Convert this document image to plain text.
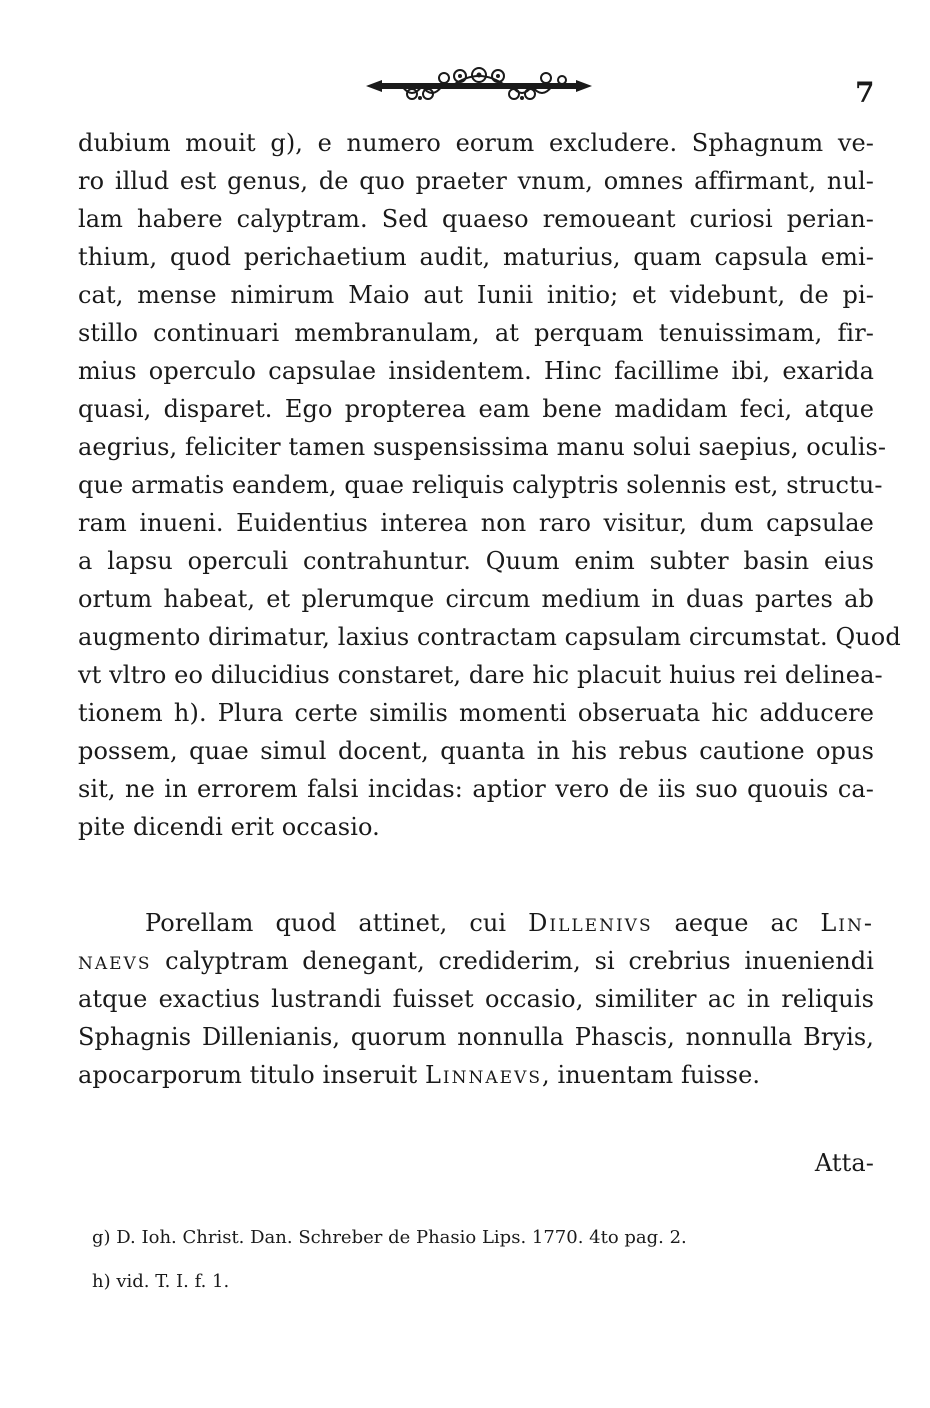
7
dubium mouit g), e numero eorum excludere. Sphagnum ve-
ro illud est genus, de quo praeter vnum, omnes affirmant, nul-
lam habere calyptram. Sed quaeso remoueant curiosi perian-
thium, quod perichaetium audit, maturius, quam capsula emi-
cat, mense nimirum Maio aut Iunii initio; et videbunt, de pi-
stillo continuari membranulam, at perquam tenuissimam, fir-
mius operculo capsulae insidentem. Hinc facillime ibi, exarida
quasi, disparet. Ego propterea eam bene madidam feci, atque
aegrius, feliciter tamen suspensissima manu solui saepius, oculis-
que armatis eandem, quae reliquis calyptris solennis est, structu-
ram inueni. Euidentius interea non raro visitur, dum capsulae
a lapsu operculi contrahuntur. Quum enim subter basin eius
ortum habeat, et plerumque circum medium in duas partes ab
augmento dirimatur, laxius contractam capsulam circumstat. Quod
vt vltro eo dilucidius constaret, dare hic placuit huius rei delinea-
tionem h). Plura certe similis momenti obseruata hic adducere
possem, quae simul docent, quanta in his rebus cautione opus
sit, ne in errorem falsi incidas: aptior vero de iis suo quouis ca-
pite dicendi erit occasio.
Porellam quod attinet, cui Dillenivs aeque ac Lin-
naevs calyptram denegant, crediderim, si crebrius inueniendi
atque exactius lustrandi fuisset occasio, similiter ac in reliquis
Sphagnis Dillenianis, quorum nonnulla Phascis, nonnulla Bryis,
apocarporum titulo inseruit Linnaevs, inuentam fuisse.
Atta-
g) D. Ioh. Christ. Dan. Schreber de Phasio Lips. 1770. 4to pag. 2.
h) vid. T. I. f. 1.
